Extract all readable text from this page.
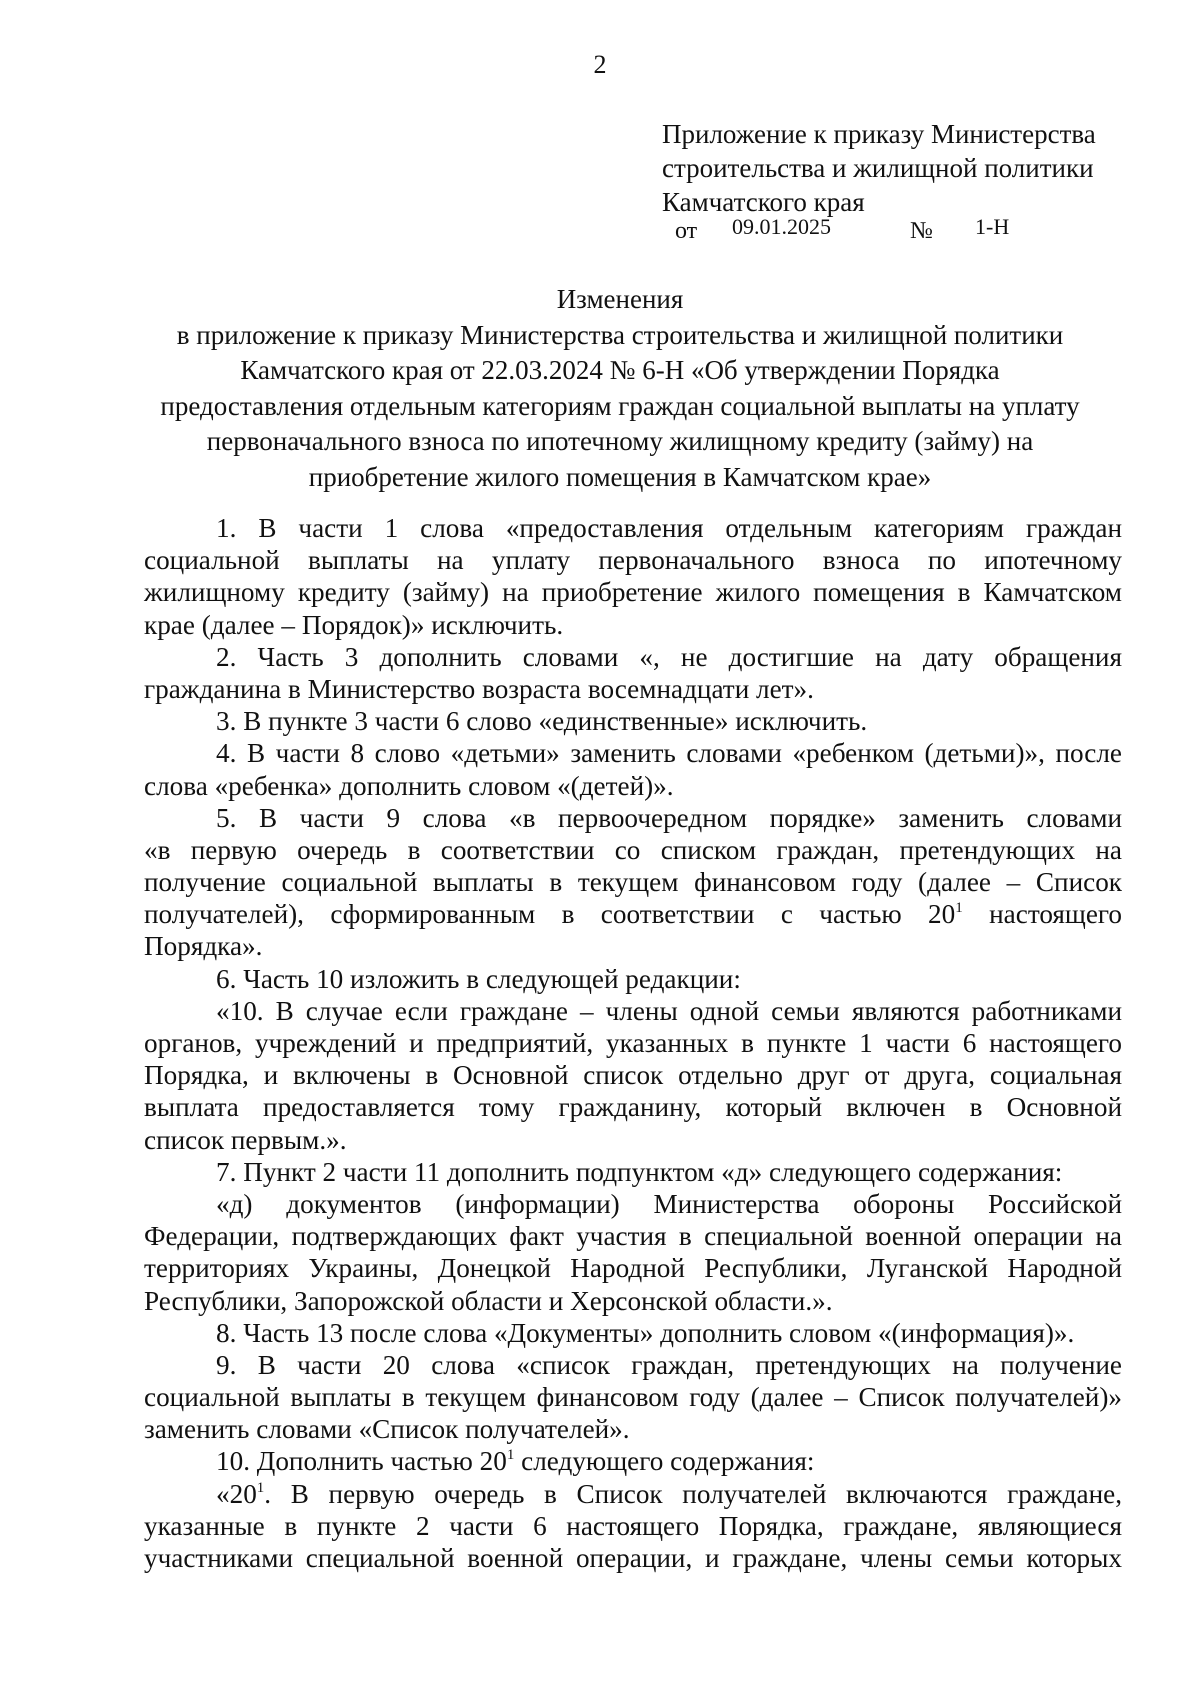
2
Приложение к приказу Министерства
строительства и жилищной политики
Камчатского края
от 09.01.2025	№ 1-Н
Изменения
в приложение к приказу Министерства строительства и жилищной политики
Камчатского края от 22.03.2024 № 6-Н «Об утверждении Порядка
предоставления отдельным категориям граждан социальной выплаты на уплату
первоначального взноса по ипотечному жилищному кредиту (займу) на
приобретение жилого помещения в Камчатском крае»
1. В части 1 слова «предоставления отдельным категориям граждан
социальной выплаты на уплату первоначального взноса по ипотечному
жилищному кредиту (займу) на приобретение жилого помещения в Камчатском
крае (далее – Порядок)» исключить.
2. Часть 3 дополнить словами «, не достигшие на дату обращения
гражданина в Министерство возраста восемнадцати лет».
3. В пункте 3 части 6 слово «единственные» исключить.
4. В части 8 слово «детьми» заменить словами «ребенком (детьми)», после
слова «ребенка» дополнить словом «(детей)».
5. В части 9 слова «в первоочередном порядке» заменить словами
«в первую очередь в соответствии со списком граждан, претендующих на
получение социальной выплаты в текущем финансовом году (далее – Список
получателей), сформированным в соответствии с частью $20^1$ настоящего
Порядка».
6. Часть 10 изложить в следующей редакции:
«10. В случае если граждане – члены одной семьи являются работниками
органов, учреждений и предприятий, указанных в пункте 1 части 6 настоящего
Порядка, и включены в Основной список отдельно друг от друга, социальная
выплата предоставляется тому гражданину, который включен в Основной
список первым.».
7. Пункт 2 части 11 дополнить подпунктом «д» следующего содержания:
«д) документов (информации) Министерства обороны Российской
Федерации, подтверждающих факт участия в специальной военной операции на
территориях Украины, Донецкой Народной Республики, Луганской Народной
Республики, Запорожской области и Херсонской области.».
8. Часть 13 после слова «Документы» дополнить словом «(информация)».
9. В части 20 слова «список граждан, претендующих на получение
социальной выплаты в текущем финансовом году (далее – Список получателей)»
заменить словами «Список получателей».
10. Дополнить частью $20^1$ следующего содержания:
«$20^1$. В первую очередь в Список получателей включаются граждане,
указанные в пункте 2 части 6 настоящего Порядка, граждане, являющиеся
участниками специальной военной операции, и граждане, члены семьи которых
